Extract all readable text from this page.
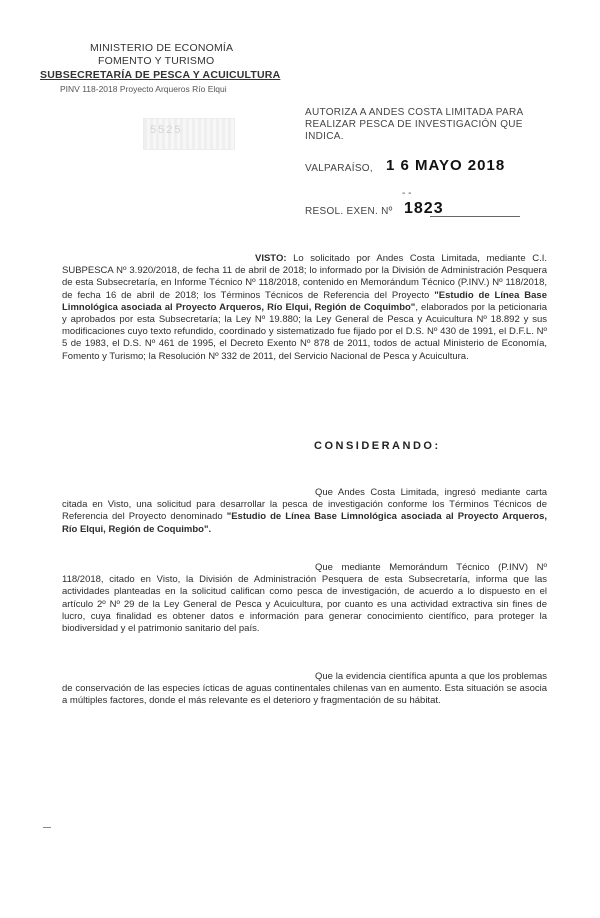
MINISTERIO DE ECONOMÍA
FOMENTO Y TURISMO
SUBSECRETARÍA DE PESCA Y ACUICULTURA
PINV 118-2018 Proyecto Arqueros Río Elqui
5525
AUTORIZA A ANDES COSTA LIMITADA PARA REALIZAR PESCA DE INVESTIGACIÓN QUE INDICA.
VALPARAÍSO, 1 6 MAYO 2018
- -
RESOL. EXEN. Nº 1823
VISTO: Lo solicitado por Andes Costa Limitada, mediante C.I. SUBPESCA Nº 3.920/2018, de fecha 11 de abril de 2018; lo informado por la División de Administración Pesquera de esta Subsecretaría, en Informe Técnico Nº 118/2018, contenido en Memorándum Técnico (P.INV.) Nº 118/2018, de fecha 16 de abril de 2018; los Términos Técnicos de Referencia del Proyecto "Estudio de Línea Base Limnológica asociada al Proyecto Arqueros, Río Elqui, Región de Coquimbo", elaborados por la peticionaria y aprobados por esta Subsecretaría; la Ley Nº 19.880; la Ley General de Pesca y Acuicultura Nº 18.892 y sus modificaciones cuyo texto refundido, coordinado y sistematizado fue fijado por el D.S. Nº 430 de 1991, el D.F.L. Nº 5 de 1983, el D.S. Nº 461 de 1995, el Decreto Exento Nº 878 de 2011, todos de actual Ministerio de Economía, Fomento y Turismo; la Resolución Nº 332 de 2011, del Servicio Nacional de Pesca y Acuicultura.
CONSIDERANDO:
Que Andes Costa Limitada, ingresó mediante carta citada en Visto, una solicitud para desarrollar la pesca de investigación conforme los Términos Técnicos de Referencia del Proyecto denominado "Estudio de Línea Base Limnológica asociada al Proyecto Arqueros, Río Elqui, Región de Coquimbo".
Que mediante Memorándum Técnico (P.INV) Nº 118/2018, citado en Visto, la División de Administración Pesquera de esta Subsecretaría, informa que las actividades planteadas en la solicitud califican como pesca de investigación, de acuerdo a lo dispuesto en el artículo 2º Nº 29 de la Ley General de Pesca y Acuicultura, por cuanto es una actividad extractiva sin fines de lucro, cuya finalidad es obtener datos e información para generar conocimiento científico, para proteger la biodiversidad y el patrimonio sanitario del país.
Que la evidencia científica apunta a que los problemas de conservación de las especies ícticas de aguas continentales chilenas van en aumento. Esta situación se asocia a múltiples factores, donde el más relevante es el deterioro y fragmentación de su hábitat.
